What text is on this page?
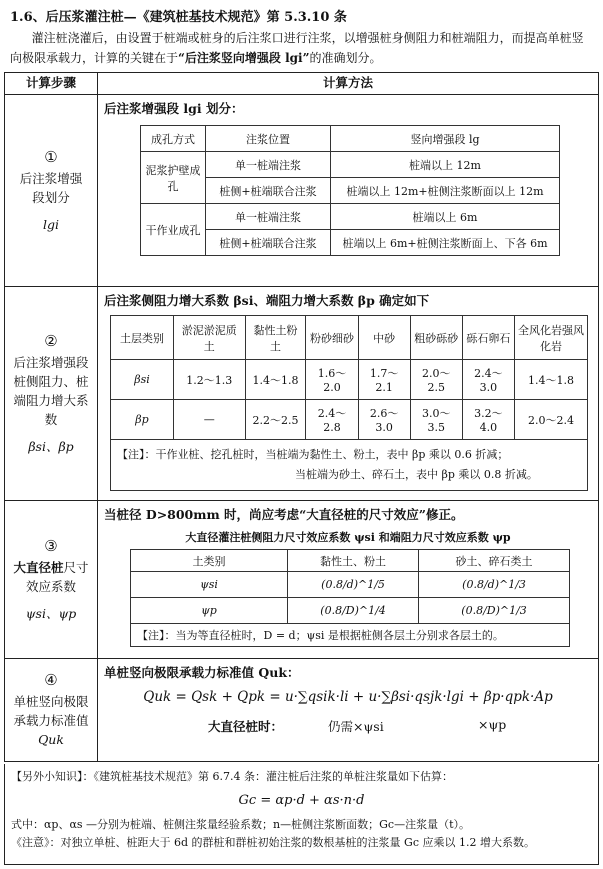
1.6、后压浆灌注桩—《建筑桩基技术规范》第 5.3.10 条
灌注桩浇灌后，由设置于桩端或桩身的后注浆口进行注浆，以增强桩身侧阻力和桩端阻力，而提高单桩竖向极限承载力，计算的关键在于“后注浆竖向增强段 lgi”的准确划分。
计算步骤	计算方法

①
后注浆增强段划分
lgi

后注浆增强段 lgi 划分：
成孔方式	注浆位置	竖向增强段 lg
泥浆护壁成孔	单一桩端注浆	桩端以上 12m
桩侧+桩端联合注浆	桩端以上 12m+桩侧注浆断面以上 12m
干作业成孔	单一桩端注浆	桩端以上 6m
桩侧+桩端联合注浆	桩端以上 6m+桩侧注浆断面上、下各 6m

②
后注浆增强段桩侧阻力、桩端阻力增大系数
βsi、βp

后注浆侧阻力增大系数 βsi、端阻力增大系数 βp 确定如下
土层类别	淤泥淤泥质土	黏性土粉土	粉砂细砂	中砂	粗砂砾砂	砾石卵石	全风化岩强风化岩
βsi	1.2～1.3	1.4～1.8	1.6～2.0	1.7～2.1	2.0～2.5	2.4～3.0	1.4～1.8
βp	—	2.2～2.5	2.4～2.8	2.6～3.0	3.0～3.5	3.2～4.0	2.0～2.4

【注】：干作业桩、挖孔桩时，当桩端为黏性土、粉土，表中 βp 乘以 0.6 折减；
当桩端为砂土、碎石土，表中 βp 乘以 0.8 折减。

③
大直径桩尺寸效应系数
ψsi、ψp

当桩径 D>800mm 时，尚应考虑“大直径桩的尺寸效应”修正。
大直径灌注桩侧阻力尺寸效应系数 ψsi 和端阻力尺寸效应系数 ψp
土类别	黏性土、粉土	砂土、碎石类土
ψsi	(0.8/d)^1/5	(0.8/d)^1/3
ψp	(0.8/D)^1/4	(0.8/D)^1/3
【注】：当为等直径桩时，D = d；ψsi 是根据桩侧各层土分别求各层土的。

④
单桩竖向极限承载力标准值
Quk

单桩竖向极限承载力标准值 Quk：
Quk = Qsk + Qpk = u·∑qsik·li + u·∑βsi·qsjk·lgi + βp·qpk·Ap
大直径桩时：	仍需×ψsi	×ψp
【另外小知识】：《建筑桩基技术规范》第 6.7.4 条：灌注桩后注浆的单桩注浆量如下估算：
Gc = αp·d + αs·n·d
式中：αp、αs —分别为桩端、桩侧注浆量经验系数；n—桩侧注浆断面数；Gc—注浆量（t）。
《注意》：对独立单桩、桩距大于 6d 的群桩和群桩初始注浆的数根基桩的注浆量 Gc 应乘以 1.2 增大系数。
